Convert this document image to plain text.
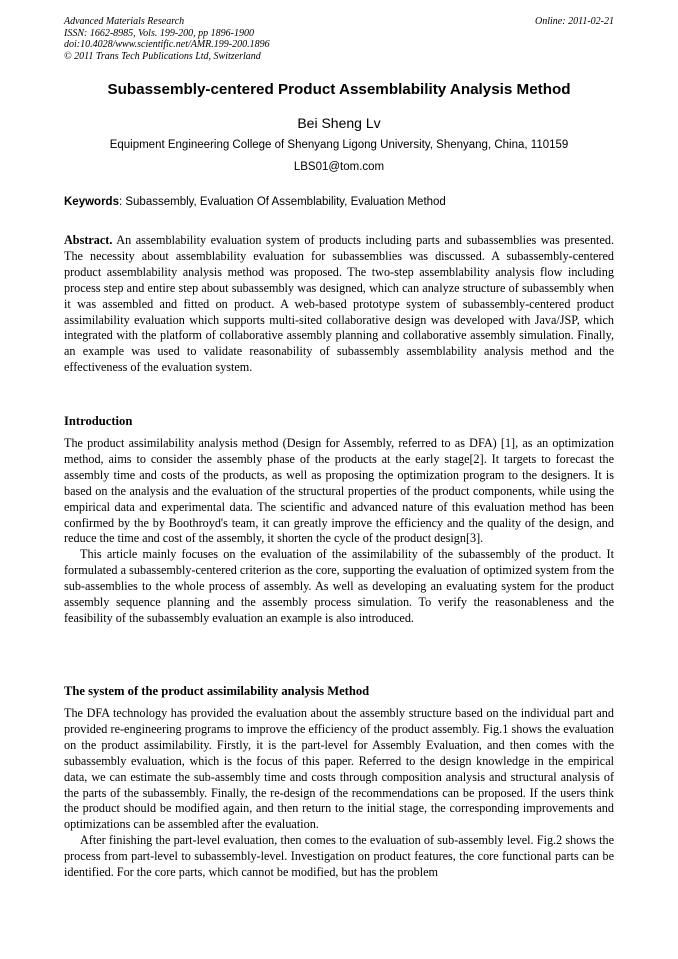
Advanced Materials Research
ISSN: 1662-8985, Vols. 199-200, pp 1896-1900
doi:10.4028/www.scientific.net/AMR.199-200.1896
© 2011 Trans Tech Publications Ltd, Switzerland
Online: 2011-02-21
Subassembly-centered Product Assemblability Analysis Method
Bei Sheng Lv
Equipment Engineering College of Shenyang Ligong University, Shenyang, China, 110159
LBS01@tom.com
Keywords: Subassembly, Evaluation Of Assemblability, Evaluation Method

Abstract. An assemblability evaluation system of products including parts and subassemblies was presented. The necessity about assemblability evaluation for subassemblies was discussed. A subassembly-centered product assemblability analysis method was proposed. The two-step assemblability analysis flow including process step and entire step about subassembly was designed, which can analyze structure of subassembly when it was assembled and fitted on product. A web-based prototype system of subassembly-centered product assimilability evaluation which supports multi-sited collaborative design was developed with Java/JSP, which integrated with the platform of collaborative assembly planning and collaborative assembly simulation. Finally, an example was used to validate reasonability of subassembly assemblability analysis method and the effectiveness of the evaluation system.

Introduction

The product assimilability analysis method (Design for Assembly, referred to as DFA) [1], as an optimization method, aims to consider the assembly phase of the products at the early stage[2]. It targets to forecast the assembly time and costs of the products, as well as proposing the optimization program to the designers. It is based on the analysis and the evaluation of the structural properties of the product components, while using the empirical data and experimental data. The scientific and advanced nature of this evaluation method has been confirmed by the by Boothroyd's team, it can greatly improve the efficiency and the quality of the design, and reduce the time and cost of the assembly, it shorten the cycle of the product design[3].

This article mainly focuses on the evaluation of the assimilability of the subassembly of the product. It formulated a subassembly-centered criterion as the core, supporting the evaluation of optimized system from the sub-assemblies to the whole process of assembly. As well as developing an evaluating system for the product assembly sequence planning and the assembly process simulation. To verify the reasonableness and the feasibility of the subassembly evaluation an example is also introduced.

The system of the product assimilability analysis Method

The DFA technology has provided the evaluation about the assembly structure based on the individual part and provided re-engineering programs to improve the efficiency of the product assembly. Fig.1 shows the evaluation on the product assimilability. Firstly, it is the part-level for Assembly Evaluation, and then comes with the subassembly evaluation, which is the focus of this paper. Referred to the design knowledge in the empirical data, we can estimate the sub-assembly time and costs through composition analysis and structural analysis of the parts of the subassembly. Finally, the re-design of the recommendations can be proposed. If the users think the product should be modified again, and then return to the initial stage, the corresponding improvements and optimizations can be assembled after the evaluation.

After finishing the part-level evaluation, then comes to the evaluation of sub-assembly level. Fig.2 shows the process from part-level to subassembly-level. Investigation on product features, the core functional parts can be identified. For the core parts, which cannot be modified, but has the problem
